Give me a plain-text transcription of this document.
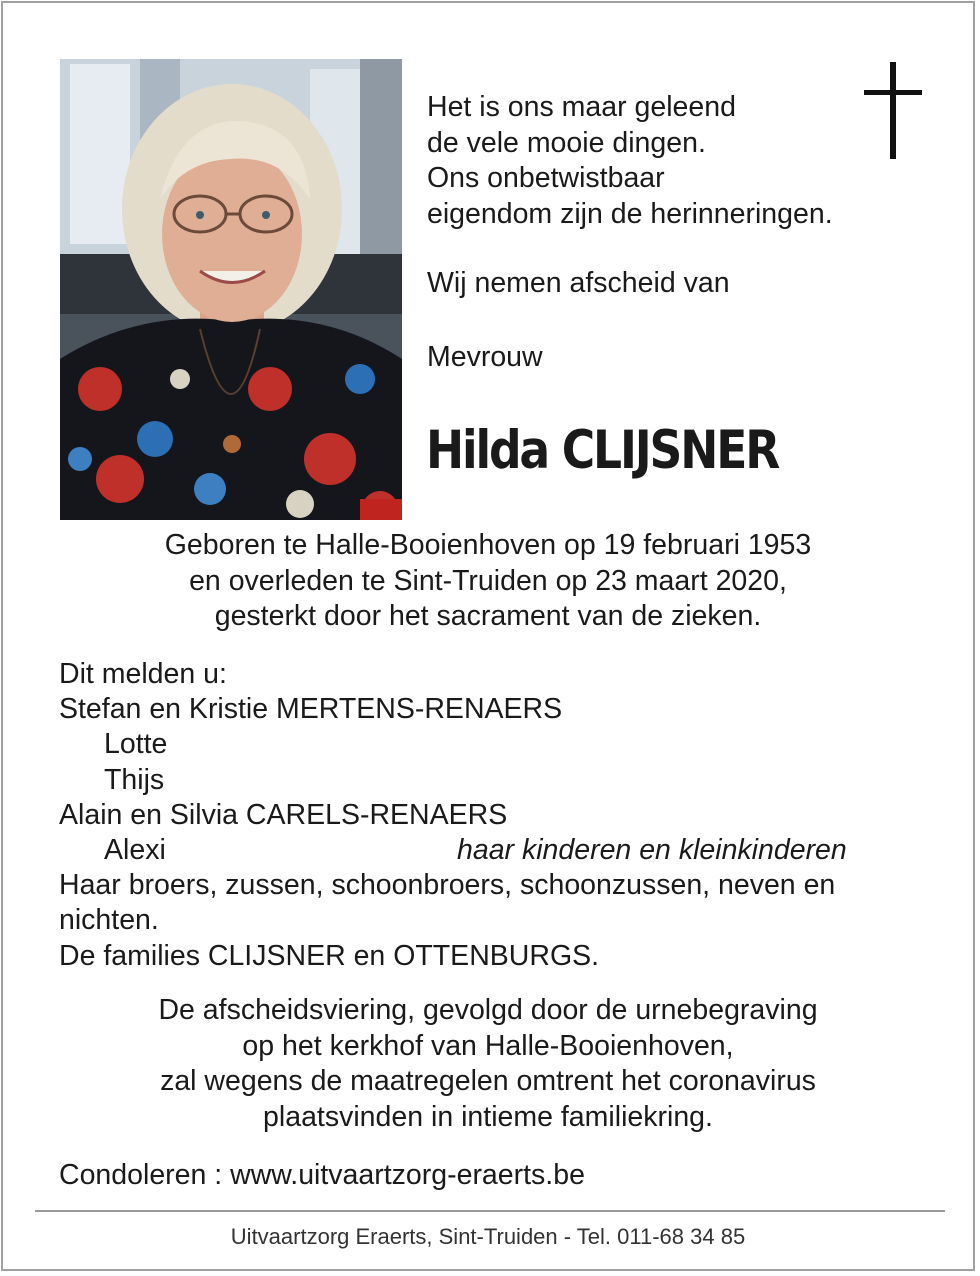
Het is ons maar geleend
de vele mooie dingen.
Ons onbetwistbaar
eigendom zijn de herinneringen.
Wij nemen afscheid van
Mevrouw
Hilda CLIJSNER
Geboren te Halle-Booienhoven op 19 februari 1953
en overleden te Sint-Truiden op 23 maart 2020,
gesterkt door het sacrament van de zieken.
Dit melden u:
Stefan en Kristie MERTENS-RENAERS
Lotte
Thijs
Alain en Silvia CARELS-RENAERS
Alexi	haar kinderen en kleinkinderen
Haar broers, zussen, schoonbroers, schoonzussen, neven en nichten.
De families CLIJSNER en OTTENBURGS.
De afscheidsviering, gevolgd door de urnebegraving
op het kerkhof van Halle-Booienhoven,
zal wegens de maatregelen omtrent het coronavirus
plaatsvinden in intieme familiekring.
Condoleren : www.uitvaartzorg-eraerts.be
Uitvaartzorg Eraerts, Sint-Truiden - Tel. 011-68 34 85
